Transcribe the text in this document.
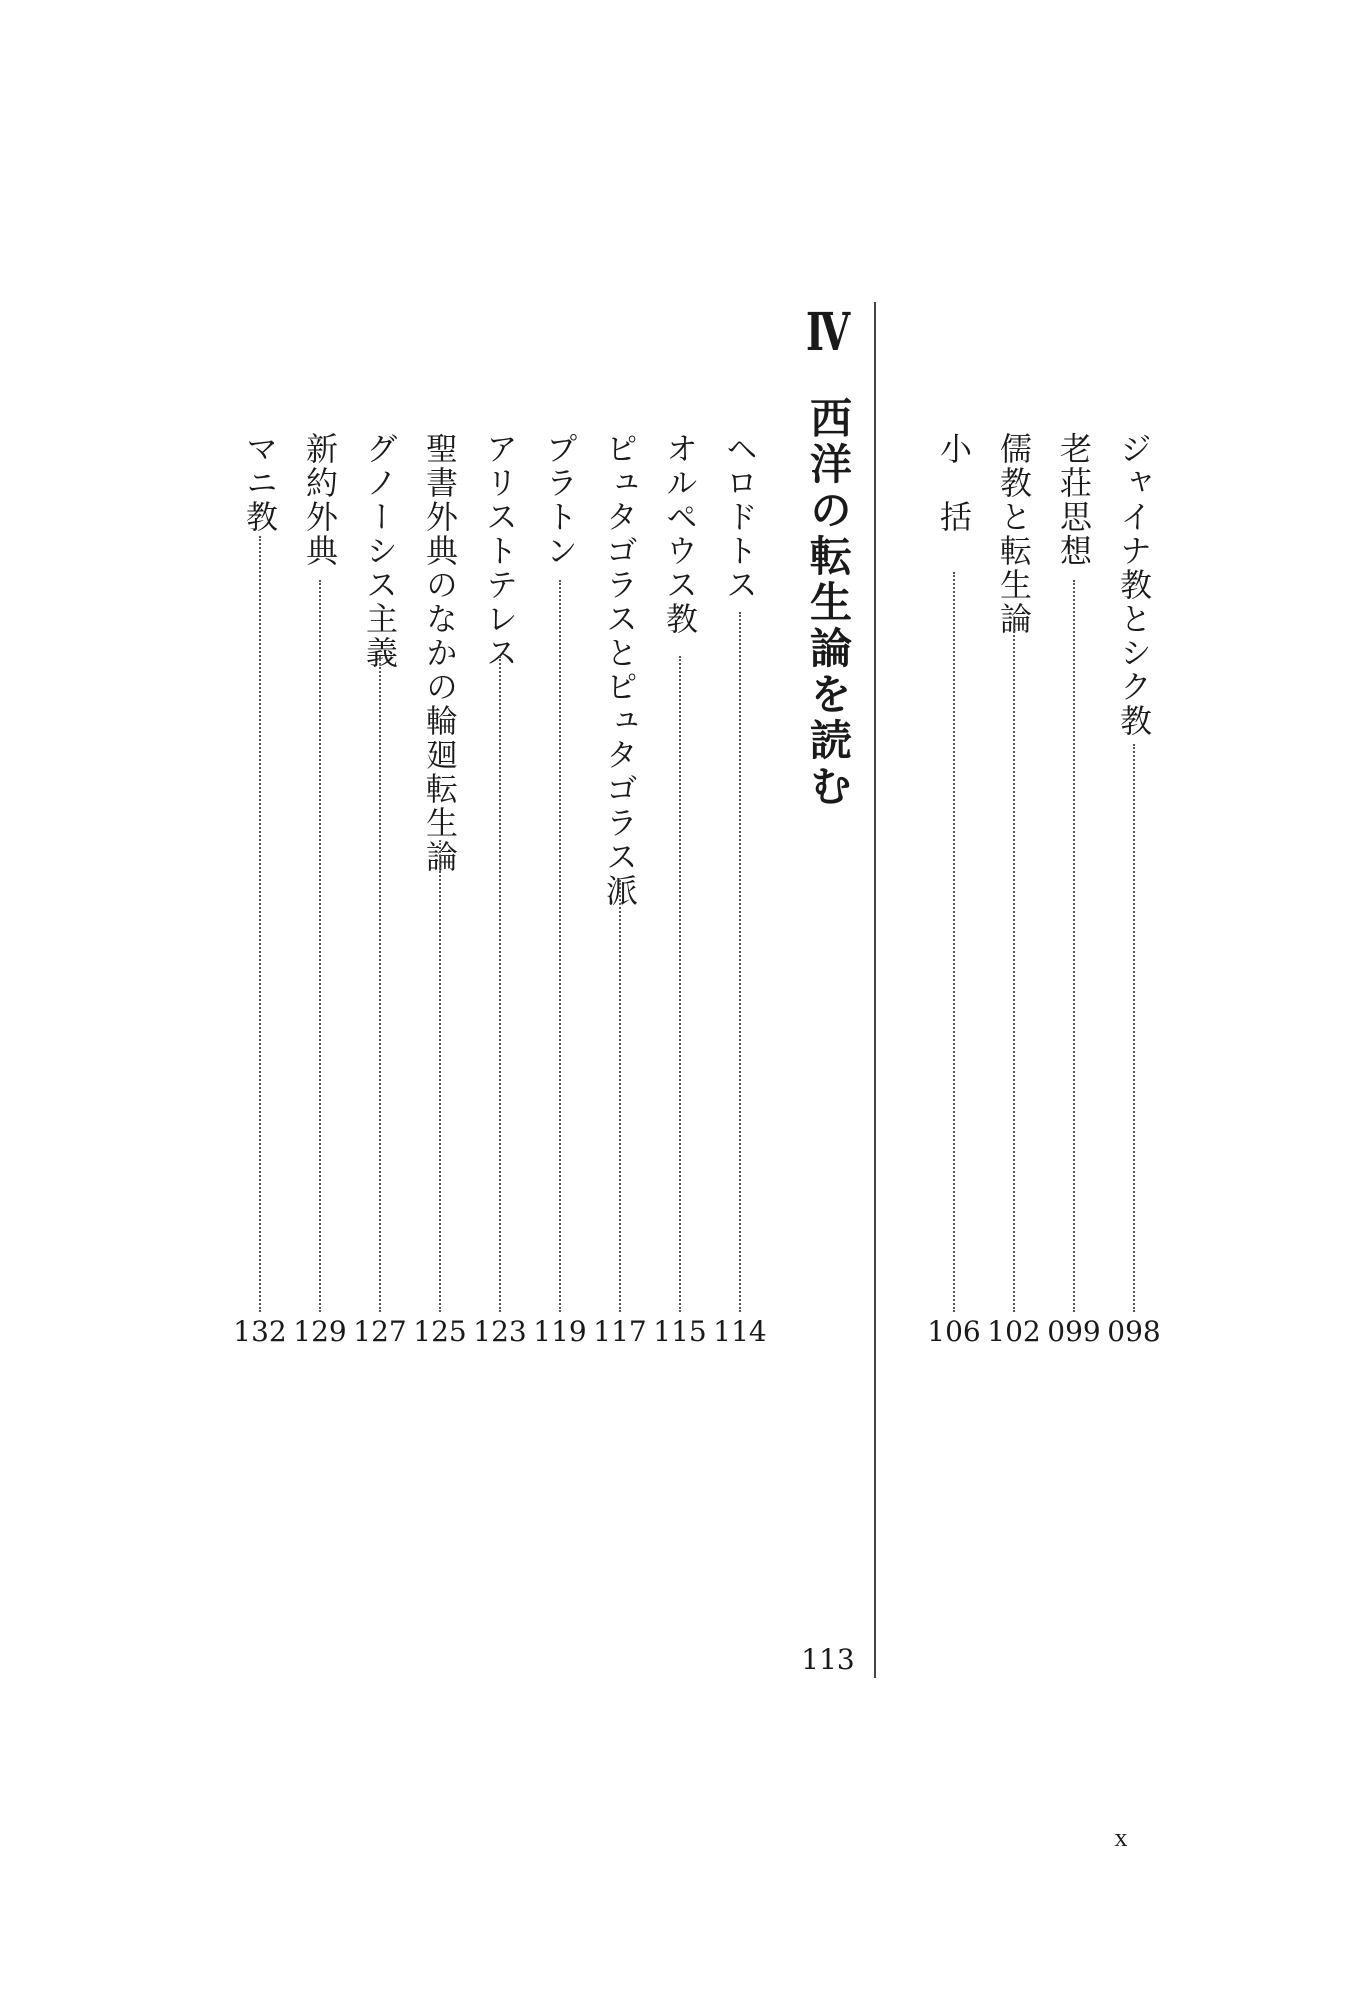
ジャイナ教とシク教
098
老荘思想
099
儒教と転生論
102
小　括
106
Ⅳ
西洋の転生論を読む
113
ヘロドトス
114
オルペウス教
115
ピュタゴラスとピュタゴラス派
117
プラトン
119
アリストテレス
123
聖書外典のなかの輪廻転生論
125
グノーシス主義
127
新約外典
129
マニ教
132
x
